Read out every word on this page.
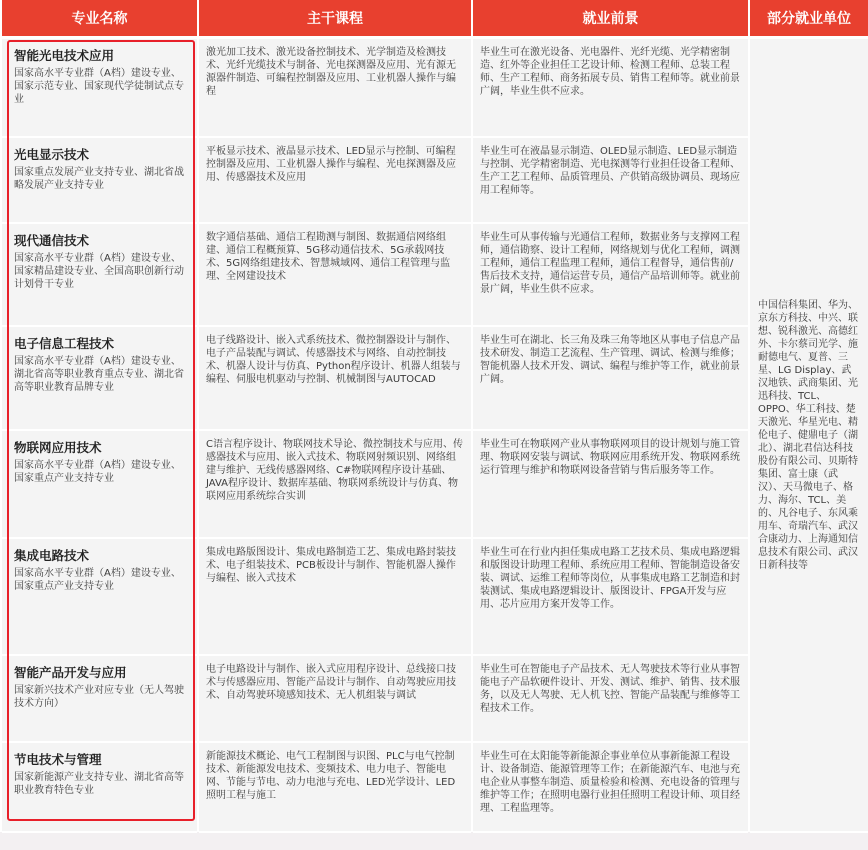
专业名称	主干课程	就业前景	部分就业单位

智能光电技术应用
国家高水平专业群（A档）建设专业、国家示范专业、国家现代学徒制试点专业	激光加工技术、激光设备控制技术、光学制造及检测技术、光纤光缆技术与制备、光电探测器及应用、光有源无源器件制造、可编程控制器及应用、工业机器人操作与编程	毕业生可在激光设备、光电器件、光纤光缆、光学精密制造、红外等企业担任工艺设计师、检测工程师、总装工程师、生产工程师、商务拓展专员、销售工程师等。就业前景广阔，毕业生供不应求。	中国信科集团、华为、京东方科技、中兴、联想、锐科激光、高德红外、卡尔蔡司光学、施耐德电气、夏普、三星、LG Display、武汉地铁、武商集团、光迅科技、TCL、OPPO、华工科技、楚天激光、华星光电、精伦电子、健鼎电子（湖北）、湖北君信达科技股份有限公司、贝斯特集团、富士康（武汉）、天马微电子、格力、海尔、TCL、美的、凡谷电子、东风乘用车、奇瑞汽车、武汉合康动力、上海通知信息技术有限公司、武汉日新科技等

光电显示技术
国家重点发展产业支持专业、湖北省战略发展产业支持专业	平板显示技术、液晶显示技术、LED显示与控制、可编程控制器及应用、工业机器人操作与编程、光电探测器及应用、传感器技术及应用	毕业生可在液晶显示制造、OLED显示制造、LED显示制造与控制、光学精密制造、光电探测等行业担任设备工程师、生产工艺工程师、品质管理员、产供销高级协调员、现场应用工程师等。	

现代通信技术
国家高水平专业群（A档）建设专业、国家精品建设专业、全国高职创新行动计划骨干专业	数字通信基础、通信工程勘测与制图、数据通信网络组建、通信工程概预算、5G移动通信技术、5G承载网技术、5G网络组建技术、智慧城域网、通信工程管理与监理、全网建设技术	毕业生可从事传输与光通信工程师，数据业务与支撑网工程师，通信勘察、设计工程师，网络规划与优化工程师，调测工程师，通信工程监理工程师，通信工程督导，通信售前/售后技术支持，通信运营专员，通信产品培训师等。就业前景广阔，毕业生供不应求。	

电子信息工程技术
国家高水平专业群（A档）建设专业、湖北省高等职业教育重点专业、湖北省高等职业教育品牌专业	电子线路设计、嵌入式系统技术、微控制器设计与制作、电子产品装配与调试、传感器技术与网络、自动控制技术、机器人设计与仿真、Python程序设计、机器人组装与编程、伺服电机驱动与控制、机械制图与AUTOCAD	毕业生可在湖北、长三角及珠三角等地区从事电子信息产品技术研发、制造工艺流程、生产管理、调试、检测与维修；智能机器人技术开发、调试、编程与维护等工作，就业前景广阔。	

物联网应用技术
国家高水平专业群（A档）建设专业、国家重点产业支持专业	C语言程序设计、物联网技术导论、微控制技术与应用、传感器技术与应用、嵌入式技术、物联网射频识别、网络组建与维护、无线传感器网络、C#物联网程序设计基础、JAVA程序设计、数据库基础、物联网系统设计与仿真、物联网应用系统综合实训	毕业生可在物联网产业从事物联网项目的设计规划与施工管理、物联网安装与调试、物联网应用系统开发、物联网系统运行管理与维护和物联网设备营销与售后服务等工作。	

集成电路技术
国家高水平专业群（A档）建设专业、国家重点产业支持专业	集成电路版图设计、集成电路制造工艺、集成电路封装技术、电子组装技术、PCB板设计与制作、智能机器人操作与编程、嵌入式技术	毕业生可在行业内担任集成电路工艺技术员、集成电路逻辑和版图设计助理工程师、系统应用工程师、智能制造设备安装、调试、运维工程师等岗位，从事集成电路工艺制造和封装测试、集成电路逻辑设计、版图设计、FPGA开发与应用、芯片应用方案开发等工作。	

智能产品开发与应用
国家新兴技术产业对应专业（无人驾驶技术方向）	电子电路设计与制作、嵌入式应用程序设计、总线接口技术与传感器应用、智能产品设计与制作、自动驾驶应用技术、自动驾驶环境感知技术、无人机组装与调试	毕业生可在智能电子产品技术、无人驾驶技术等行业从事智能电子产品软硬件设计、开发、测试、维护、销售、技术服务，以及无人驾驶、无人机飞控、智能产品装配与维修等工程技术工作。	

节电技术与管理
国家新能源产业支持专业、湖北省高等职业教育特色专业	新能源技术概论、电气工程制图与识图、PLC与电气控制技术、新能源发电技术、变频技术、电力电子、智能电网、节能与节电、动力电池与充电、LED光学设计、LED照明工程与施工	毕业生可在太阳能等新能源企事业单位从事新能源工程设计、设备制造、能源管理等工作；在新能源汽车、电池与充电企业从事整车制造、质量检验和检测、充电设备的管理与维护等工作；在照明电器行业担任照明工程设计师、项目经理、工程监理等。	
